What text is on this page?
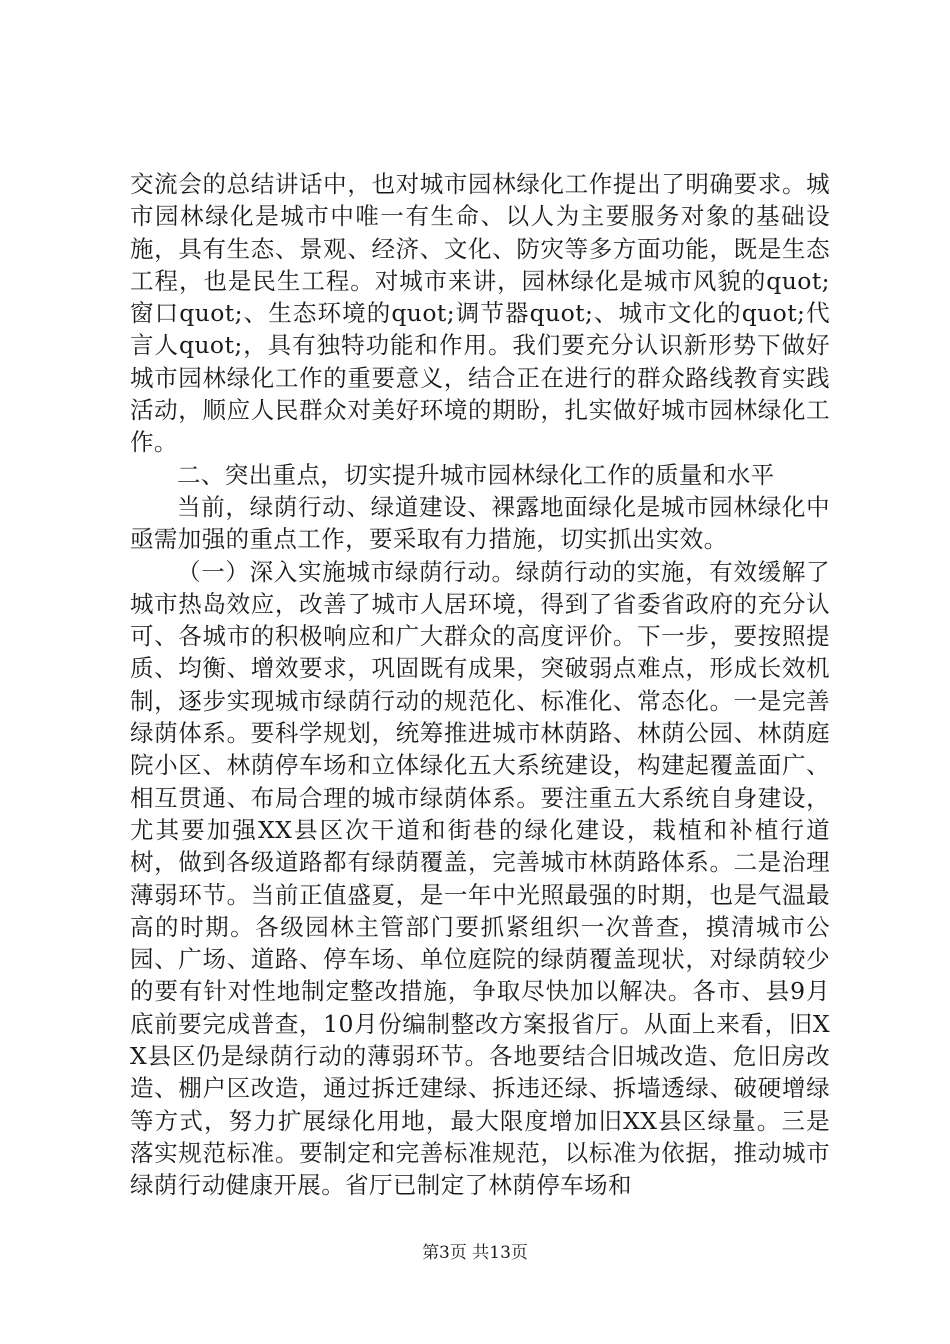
交流会的总结讲话中，也对城市园林绿化工作提出了明确要求。城市园林绿化是城市中唯一有生命、以人为主要服务对象的基础设施，具有生态、景观、经济、文化、防灾等多方面功能，既是生态工程，也是民生工程。对城市来讲，园林绿化是城市风貌的quot;窗口quot;、生态环境的quot;调节器quot;、城市文化的quot;代言人quot;，具有独特功能和作用。我们要充分认识新形势下做好城市园林绿化工作的重要意义，结合正在进行的群众路线教育实践活动，顺应人民群众对美好环境的期盼，扎实做好城市园林绿化工作。

二、突出重点，切实提升城市园林绿化工作的质量和水平

当前，绿荫行动、绿道建设、裸露地面绿化是城市园林绿化中亟需加强的重点工作，要采取有力措施，切实抓出实效。

（一）深入实施城市绿荫行动。绿荫行动的实施，有效缓解了城市热岛效应，改善了城市人居环境，得到了省委省政府的充分认可、各城市的积极响应和广大群众的高度评价。下一步，要按照提质、均衡、增效要求，巩固既有成果，突破弱点难点，形成长效机制，逐步实现城市绿荫行动的规范化、标准化、常态化。一是完善绿荫体系。要科学规划，统筹推进城市林荫路、林荫公园、林荫庭院小区、林荫停车场和立体绿化五大系统建设，构建起覆盖面广、相互贯通、布局合理的城市绿荫体系。要注重五大系统自身建设，尤其要加强XX县区次干道和街巷的绿化建设，栽植和补植行道树，做到各级道路都有绿荫覆盖，完善城市林荫路体系。二是治理薄弱环节。当前正值盛夏，是一年中光照最强的时期，也是气温最高的时期。各级园林主管部门要抓紧组织一次普查，摸清城市公园、广场、道路、停车场、单位庭院的绿荫覆盖现状，对绿荫较少的要有针对性地制定整改措施，争取尽快加以解决。各市、县9月底前要完成普查，10月份编制整改方案报省厅。从面上来看，旧XX县区仍是绿荫行动的薄弱环节。各地要结合旧城改造、危旧房改造、棚户区改造，通过拆迁建绿、拆违还绿、拆墙透绿、破硬增绿等方式，努力扩展绿化用地，最大限度增加旧XX县区绿量。三是落实规范标准。要制定和完善标准规范，以标准为依据，推动城市绿荫行动健康开展。省厅已制定了林荫停车场和

第3页 共13页
